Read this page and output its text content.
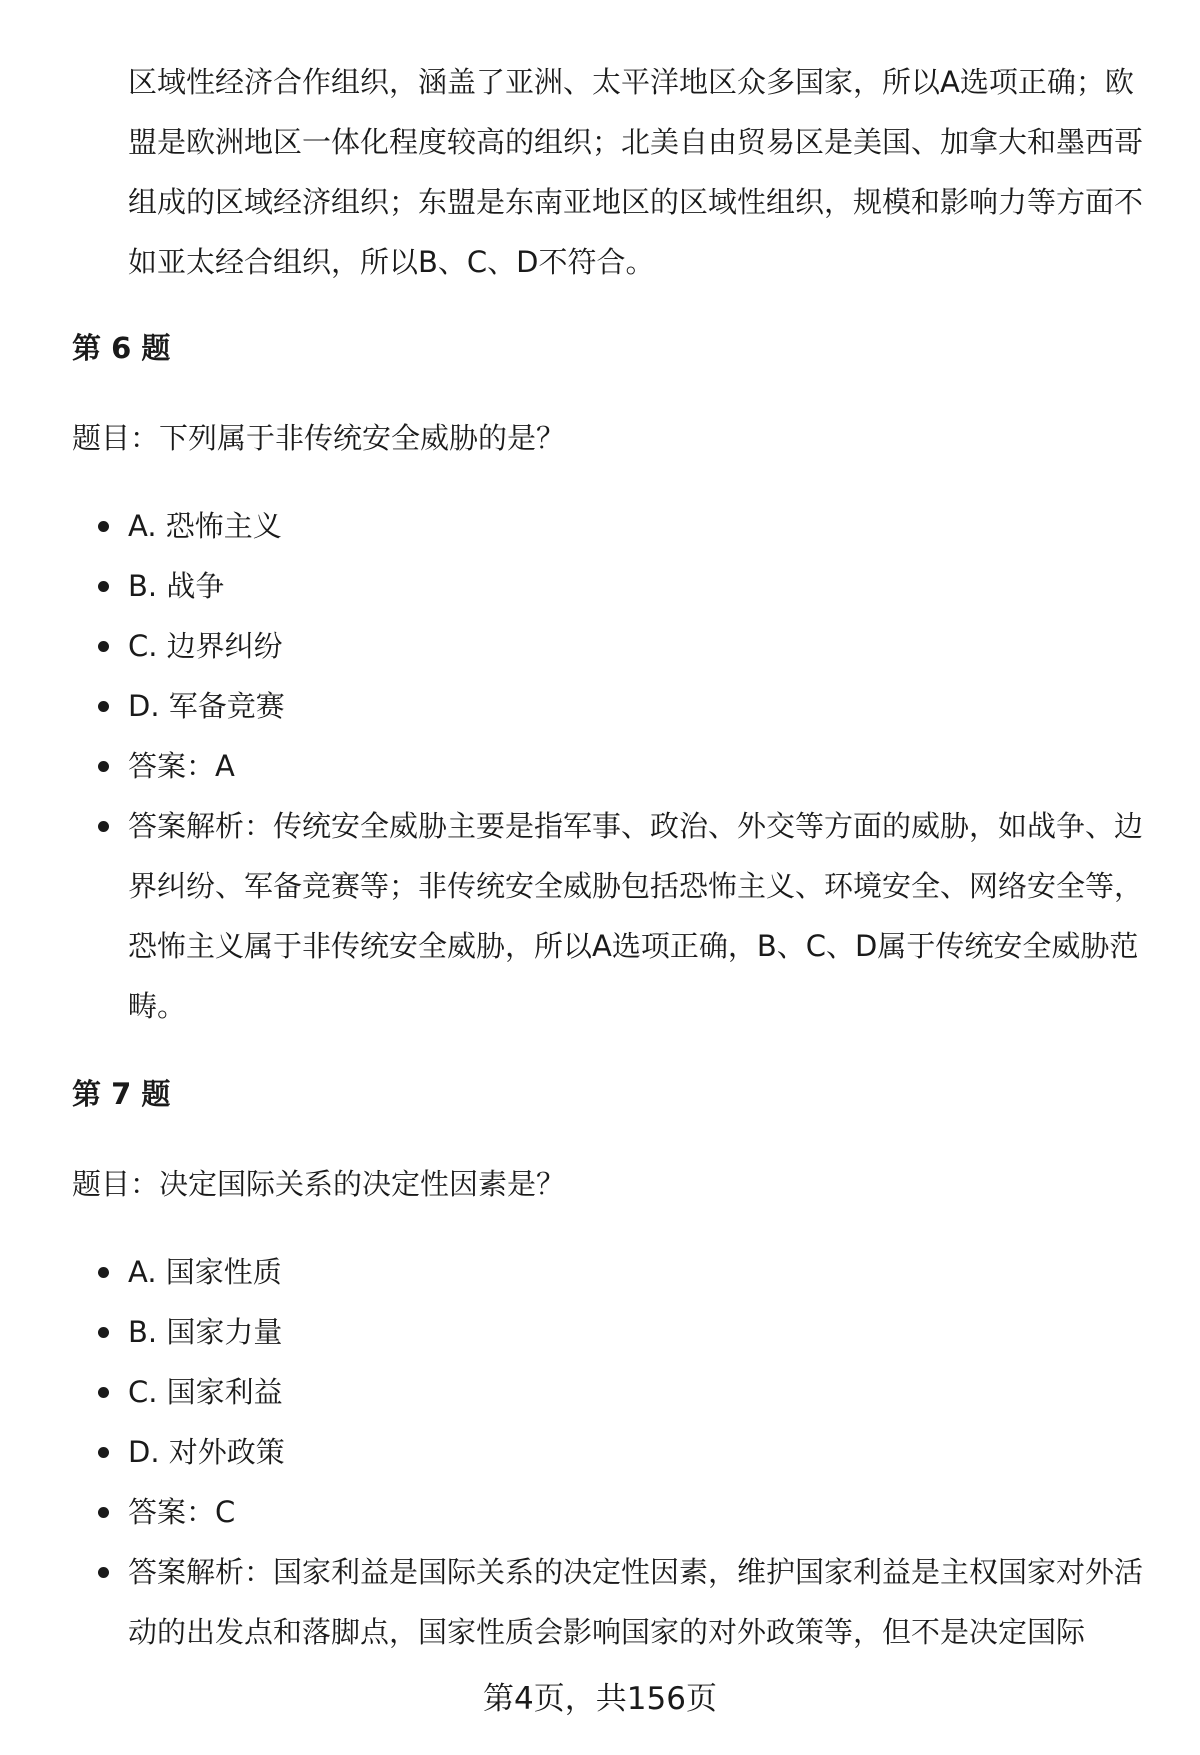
区域性经济合作组织，涵盖了亚洲、太平洋地区众多国家，所以A选项正确；欧盟是欧洲地区一体化程度较高的组织；北美自由贸易区是美国、加拿大和墨西哥组成的区域经济组织；东盟是东南亚地区的区域性组织，规模和影响力等方面不如亚太经合组织，所以B、C、D不符合。

第 6 题

题目：下列属于非传统安全威胁的是？

A. 恐怖主义
B. 战争
C. 边界纠纷
D. 军备竞赛
答案：A
答案解析：传统安全威胁主要是指军事、政治、外交等方面的威胁，如战争、边界纠纷、军备竞赛等；非传统安全威胁包括恐怖主义、环境安全、网络安全等，恐怖主义属于非传统安全威胁，所以A选项正确，B、C、D属于传统安全威胁范畴。
第 7 题

题目：决定国际关系的决定性因素是？

A. 国家性质
B. 国家力量
C. 国家利益
D. 对外政策
答案：C
答案解析：国家利益是国际关系的决定性因素，维护国家利益是主权国家对外活动的出发点和落脚点，国家性质会影响国家的对外政策等，但不是决定国际

第4页，共156页
